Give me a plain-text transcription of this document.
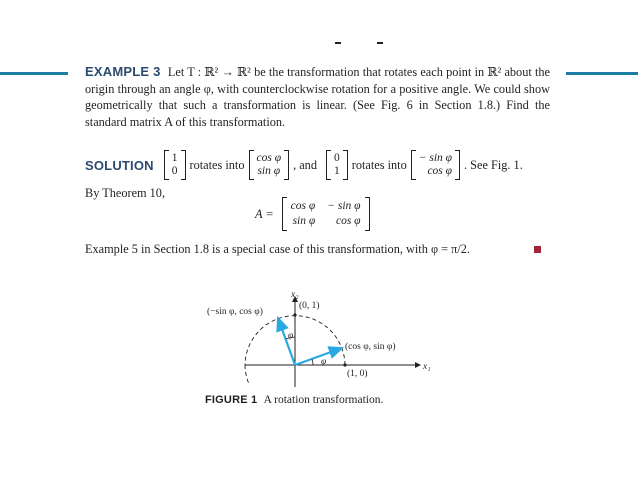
EXAMPLE 3 Let T : ℝ² → ℝ² be the transformation that rotates each point in ℝ² about the origin through an angle φ, with counterclockwise rotation for a positive angle. We could show geometrically that such a transformation is linear. (See Fig. 6 in Section 1.8.) Find the standard matrix A of this transformation.
SOLUTION 1
0 rotates into cos φ
sin φ , and 0
1 rotates into − sin φ
cos φ . See Fig. 1.
By Theorem 10,
A =
cos φ − sin φ
sin φ	cos φ
Example 5 in Section 1.8 is a special case of this transformation, with φ = π/2.
x₂
x₁
(0, 1)
(1, 0)
(cos φ, sin φ)
(−sin φ, cos φ)
φ
φ
FIGURE 1 A rotation transformation.
